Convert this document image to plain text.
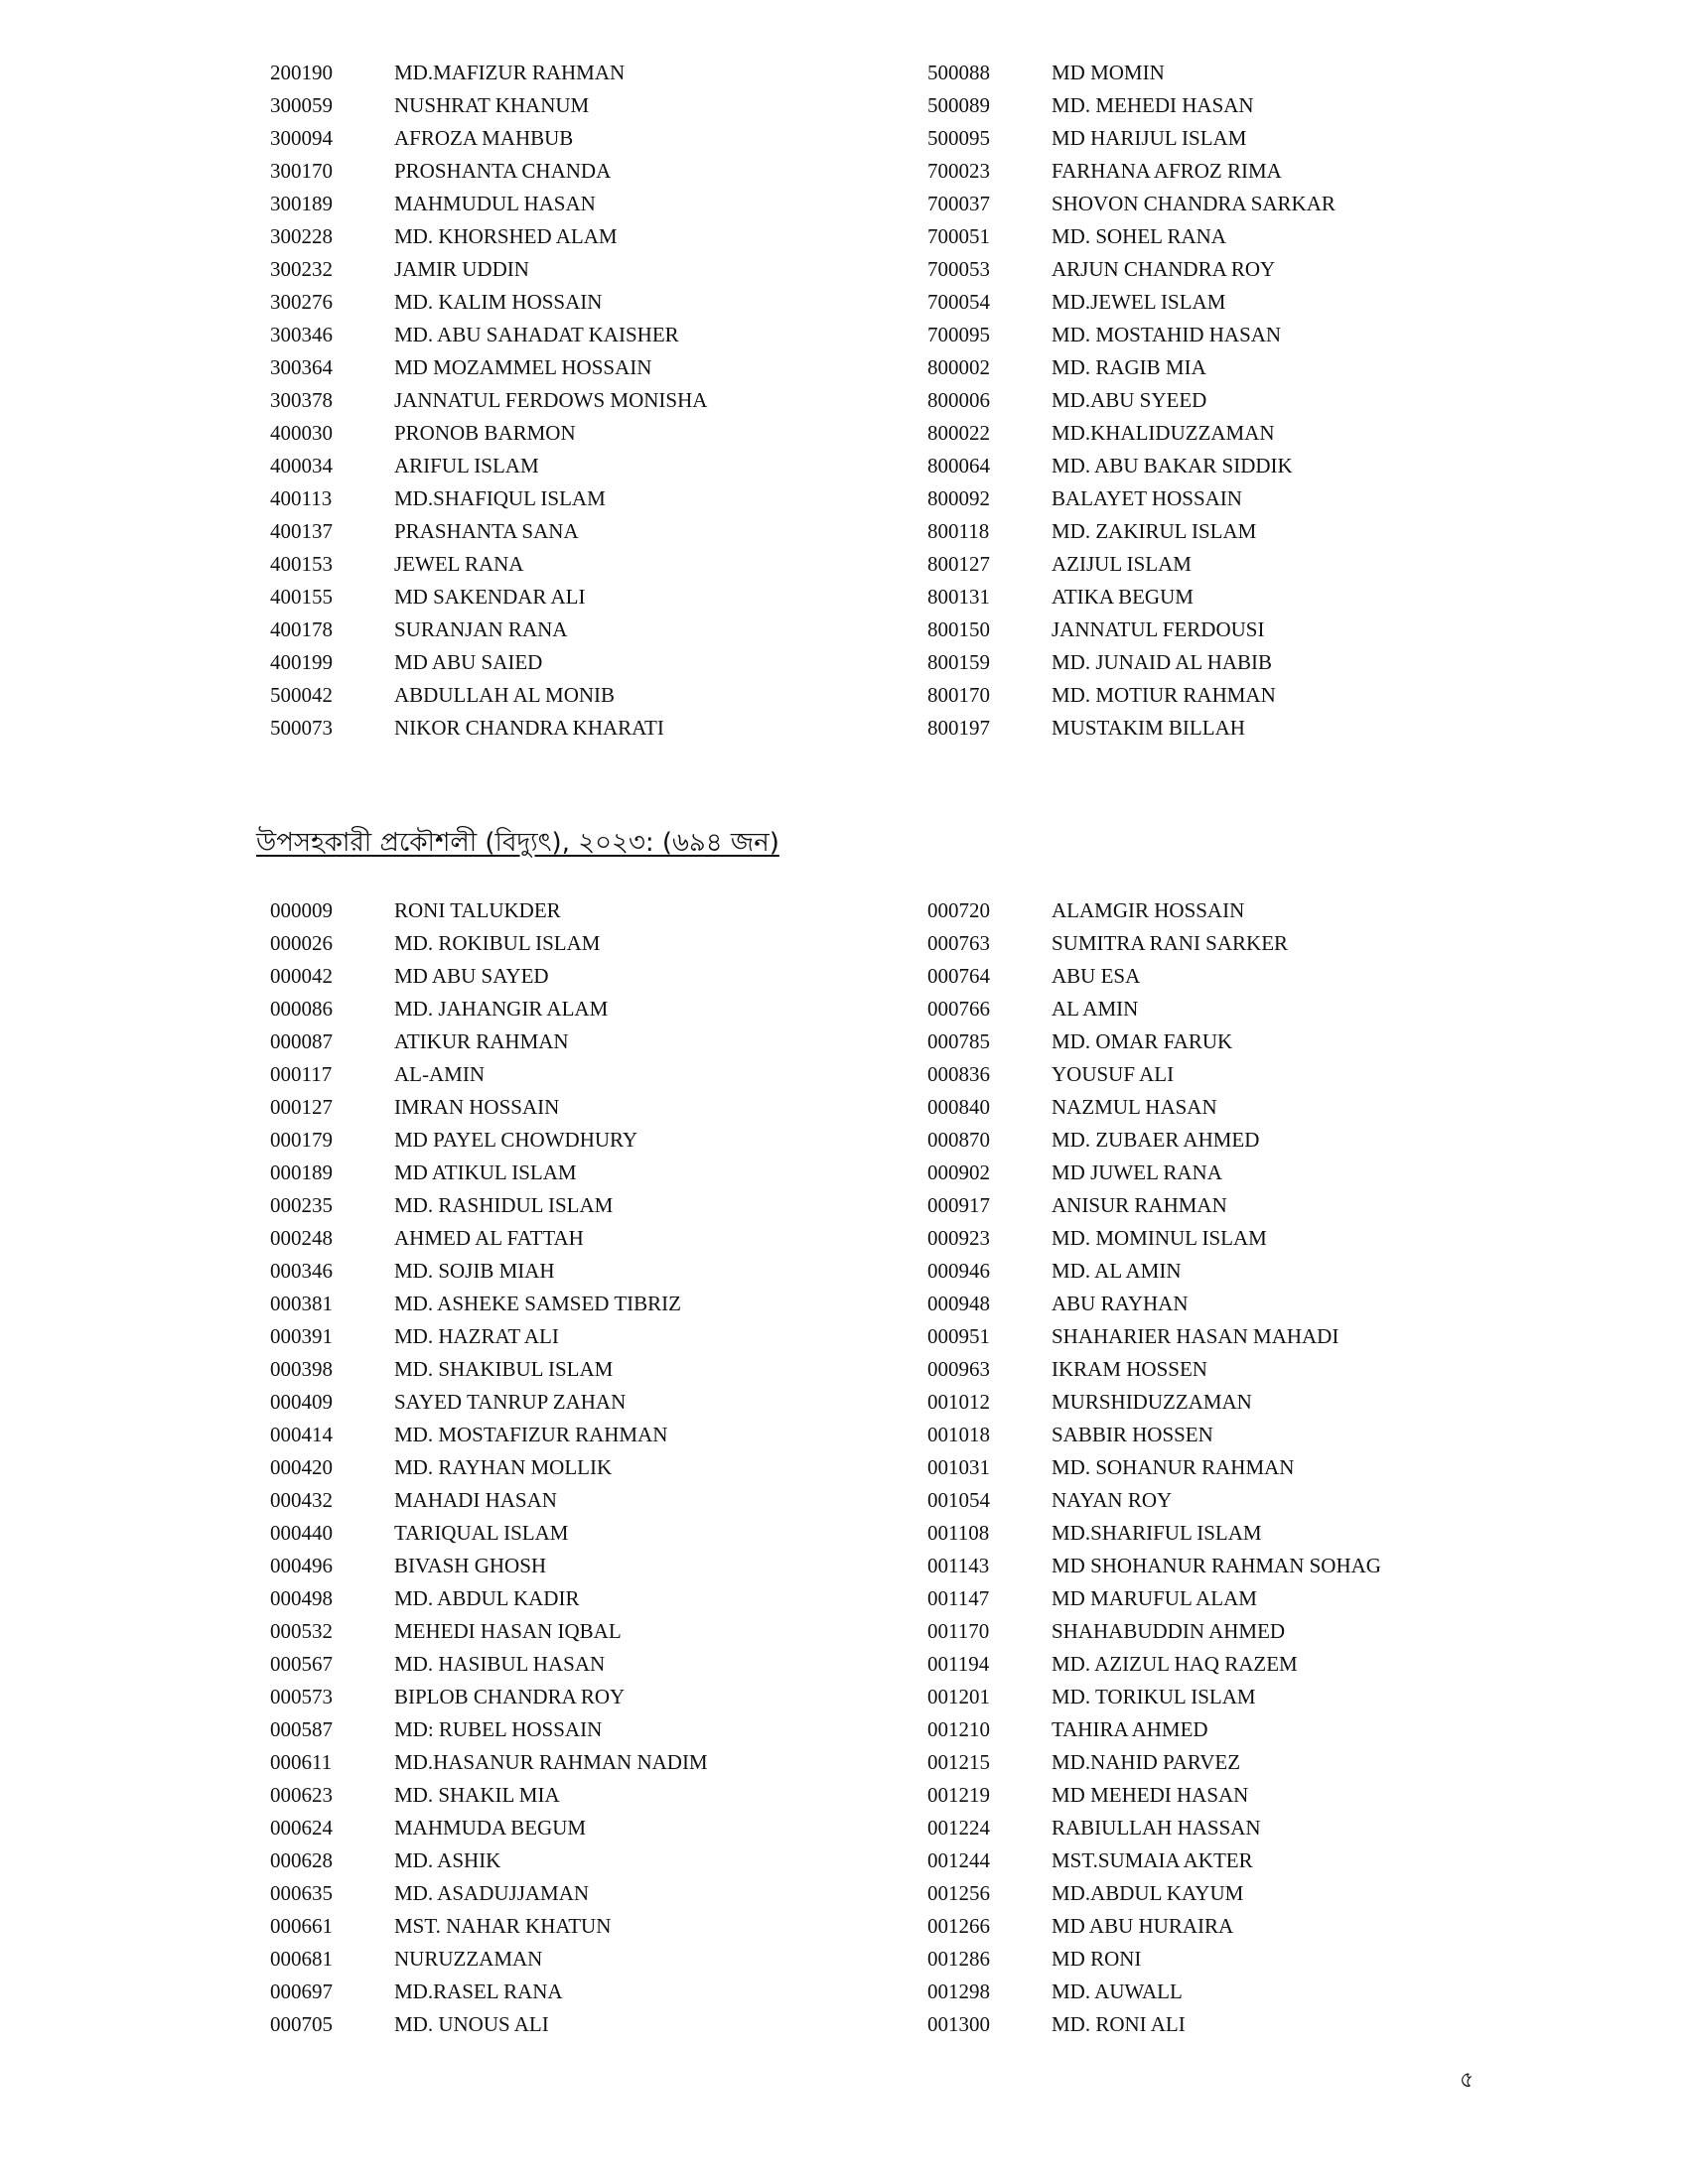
200190	MD.MAFIZUR RAHMAN	500088	MD MOMIN
300059	NUSHRAT KHANUM	500089	MD. MEHEDI HASAN
300094	AFROZA MAHBUB	500095	MD HARIJUL ISLAM
300170	PROSHANTA CHANDA	700023	FARHANA AFROZ RIMA
300189	MAHMUDUL HASAN	700037	SHOVON CHANDRA SARKAR
300228	MD. KHORSHED ALAM	700051	MD. SOHEL RANA
300232	JAMIR UDDIN	700053	ARJUN CHANDRA ROY
300276	MD. KALIM HOSSAIN	700054	MD.JEWEL ISLAM
300346	MD. ABU SAHADAT KAISHER	700095	MD. MOSTAHID HASAN
300364	MD MOZAMMEL HOSSAIN	800002	MD. RAGIB MIA
300378	JANNATUL FERDOWS MONISHA	800006	MD.ABU SYEED
400030	PRONOB BARMON	800022	MD.KHALIDUZZAMAN
400034	ARIFUL ISLAM	800064	MD. ABU BAKAR SIDDIK
400113	MD.SHAFIQUL ISLAM	800092	BALAYET HOSSAIN
400137	PRASHANTA SANA	800118	MD. ZAKIRUL ISLAM
400153	JEWEL RANA	800127	AZIJUL ISLAM
400155	MD SAKENDAR ALI	800131	ATIKA BEGUM
400178	SURANJAN RANA	800150	JANNATUL FERDOUSI
400199	MD ABU SAIED	800159	MD. JUNAID AL HABIB
500042	ABDULLAH AL MONIB	800170	MD. MOTIUR RAHMAN
500073	NIKOR CHANDRA KHARATI	800197	MUSTAKIM BILLAH
উপসহকারী প্রকৌশলী (বিদ্যুৎ), ২০২৩: (৬৯৪ জন)
000009	RONI TALUKDER	000720	ALAMGIR HOSSAIN
000026	MD. ROKIBUL ISLAM	000763	SUMITRA RANI SARKER
000042	MD ABU SAYED	000764	ABU ESA
000086	MD. JAHANGIR ALAM	000766	AL AMIN
000087	ATIKUR RAHMAN	000785	MD. OMAR FARUK
000117	AL-AMIN	000836	YOUSUF ALI
000127	IMRAN HOSSAIN	000840	NAZMUL HASAN
000179	MD PAYEL CHOWDHURY	000870	MD. ZUBAER AHMED
000189	MD ATIKUL ISLAM	000902	MD JUWEL RANA
000235	MD. RASHIDUL ISLAM	000917	ANISUR RAHMAN
000248	AHMED AL FATTAH	000923	MD. MOMINUL ISLAM
000346	MD. SOJIB MIAH	000946	MD. AL AMIN
000381	MD. ASHEKE SAMSED TIBRIZ	000948	ABU RAYHAN
000391	MD. HAZRAT ALI	000951	SHAHARIER HASAN MAHADI
000398	MD. SHAKIBUL ISLAM	000963	IKRAM HOSSEN
000409	SAYED TANRUP ZAHAN	001012	MURSHIDUZZAMAN
000414	MD. MOSTAFIZUR RAHMAN	001018	SABBIR HOSSEN
000420	MD. RAYHAN MOLLIK	001031	MD. SOHANUR RAHMAN
000432	MAHADI HASAN	001054	NAYAN ROY
000440	TARIQUAL ISLAM	001108	MD.SHARIFUL ISLAM
000496	BIVASH GHOSH	001143	MD SHOHANUR RAHMAN SOHAG
000498	MD. ABDUL KADIR	001147	MD MARUFUL ALAM
000532	MEHEDI HASAN IQBAL	001170	SHAHABUDDIN AHMED
000567	MD. HASIBUL HASAN	001194	MD. AZIZUL HAQ RAZEM
000573	BIPLOB CHANDRA ROY	001201	MD. TORIKUL ISLAM
000587	MD: RUBEL HOSSAIN	001210	TAHIRA AHMED
000611	MD.HASANUR RAHMAN NADIM	001215	MD.NAHID PARVEZ
000623	MD. SHAKIL MIA	001219	MD MEHEDI HASAN
000624	MAHMUDA BEGUM	001224	RABIULLAH HASSAN
000628	MD. ASHIK	001244	MST.SUMAIA AKTER
000635	MD. ASADUJJAMAN	001256	MD.ABDUL KAYUM
000661	MST. NAHAR KHATUN	001266	MD ABU HURAIRA
000681	NURUZZAMAN	001286	MD RONI
000697	MD.RASEL RANA	001298	MD. AUWALL
000705	MD. UNOUS ALI	001300	MD. RONI ALI
৫
